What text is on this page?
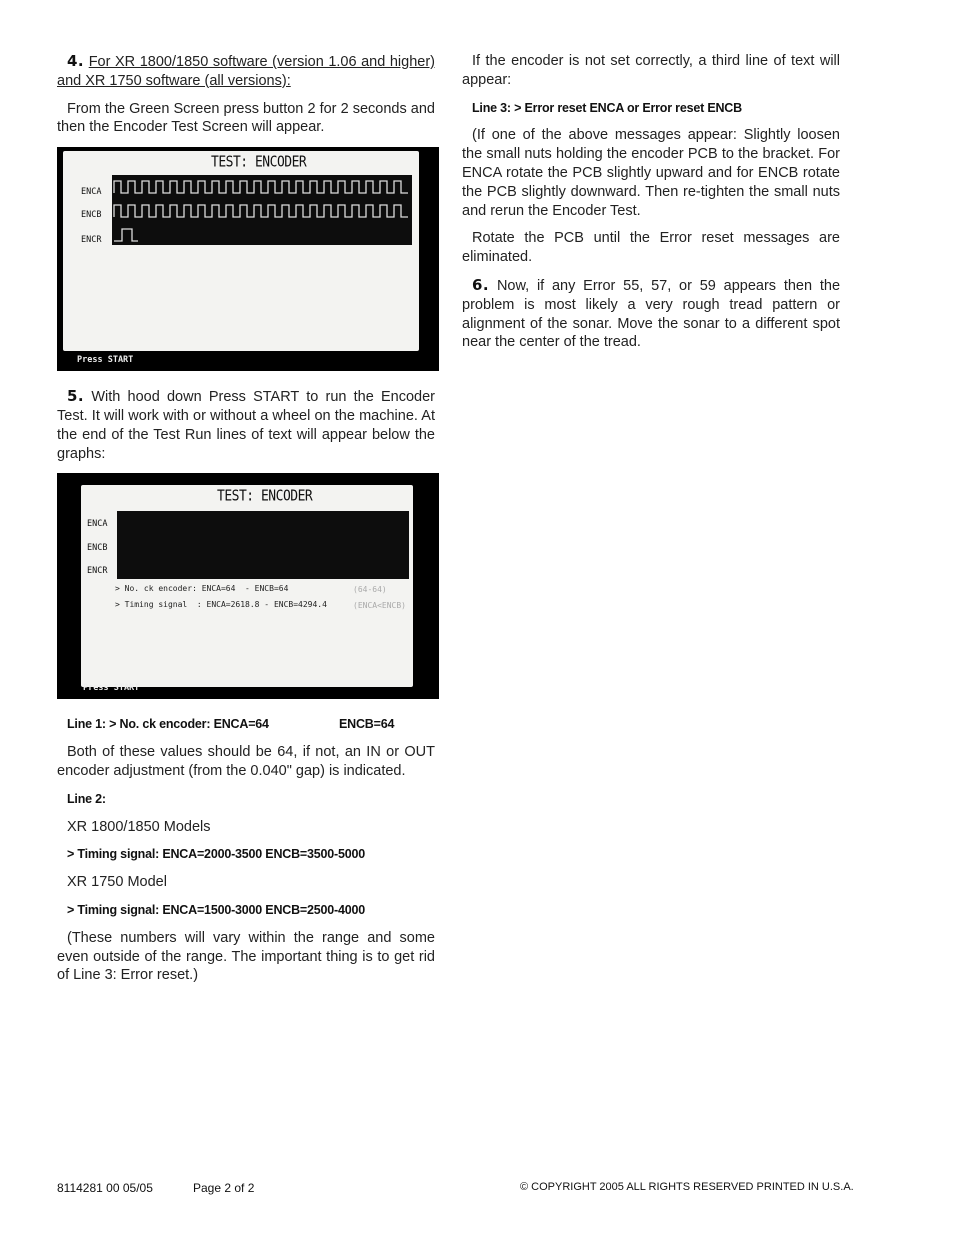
4. For XR 1800/1850 software (version 1.06 and higher) and XR 1750 software (all versions):

From the Green Screen press button 2 for 2 seconds and then the Encoder Test Screen will appear.

TEST: ENCODER
ENCA
ENCB
ENCR
Press START

5. With hood down Press START to run the Encoder Test. It will work with or without a wheel on the machine. At the end of the Test Run lines of text will appear below the graphs:

TEST: ENCODER
ENCA
ENCB
ENCR
> No. ck encoder: ENCA=64  - ENCB=64	(64-64)
> Timing signal  : ENCA=2618.8 - ENCB=4294.4	(ENCA<ENCB)
Press START

Line 1: > No. ck encoder: ENCA=64	ENCB=64

Both of these values should be 64, if not, an IN or OUT encoder adjustment (from the 0.040" gap) is indicated.

Line 2:

XR 1800/1850 Models

> Timing signal: ENCA=2000-3500 ENCB=3500-5000

XR 1750 Model

> Timing signal: ENCA=1500-3000 ENCB=2500-4000

(These numbers will vary within the range and some even outside of the range. The important thing is to get rid of Line 3: Error reset.)

If the encoder is not set correctly, a third line of text will appear:

Line 3: > Error reset ENCA or Error reset ENCB

(If one of the above messages appear: Slightly loosen the small nuts holding the encoder PCB to the bracket. For ENCA rotate the PCB slightly upward and for ENCB rotate the PCB slightly downward. Then re-tighten the small nuts and rerun the Encoder Test.

Rotate the PCB until the Error reset messages are eliminated.

6. Now, if any Error 55, 57, or 59 appears then the problem is most likely a very rough tread pattern or alignment of the sonar. Move the sonar to a different spot near the center of the tread.

8114281 00 05/05	Page 2 of 2	© COPYRIGHT 2005 ALL RIGHTS RESERVED PRINTED IN U.S.A.
